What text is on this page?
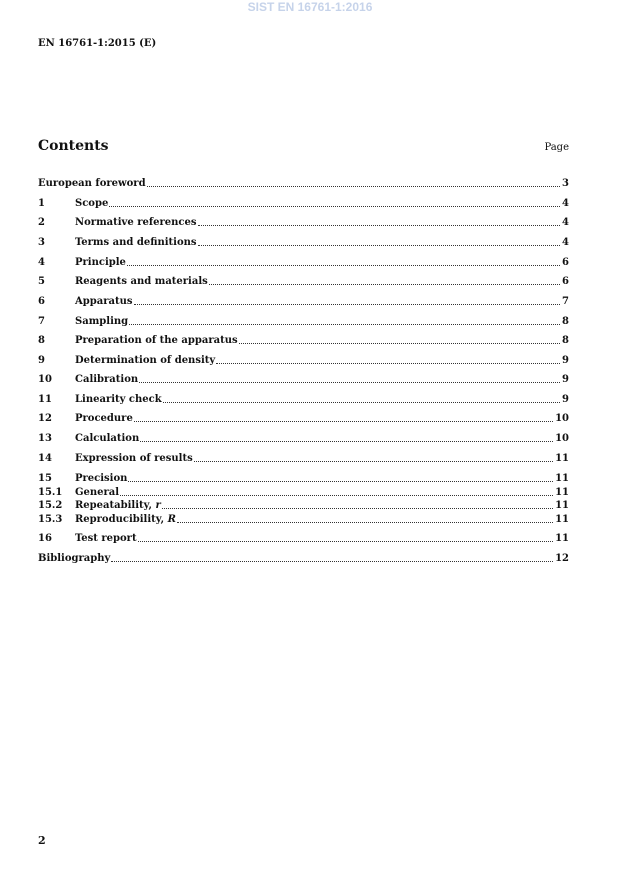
SIST EN 16761-1:2016
EN 16761-1:2015 (E)
Contents	Page
European foreword	3
1	Scope	4
2	Normative references	4
3	Terms and definitions	4
4	Principle	6
5	Reagents and materials	6
6	Apparatus	7
7	Sampling	8
8	Preparation of the apparatus	8
9	Determination of density	9
10	Calibration	9
11	Linearity check	9
12	Procedure	10
13	Calculation	10
14	Expression of results	11
15	Precision	11
15.1	General	11
15.2	Repeatability, r	11
15.3	Reproducibility, R	11
16	Test report	11
Bibliography	12
2
